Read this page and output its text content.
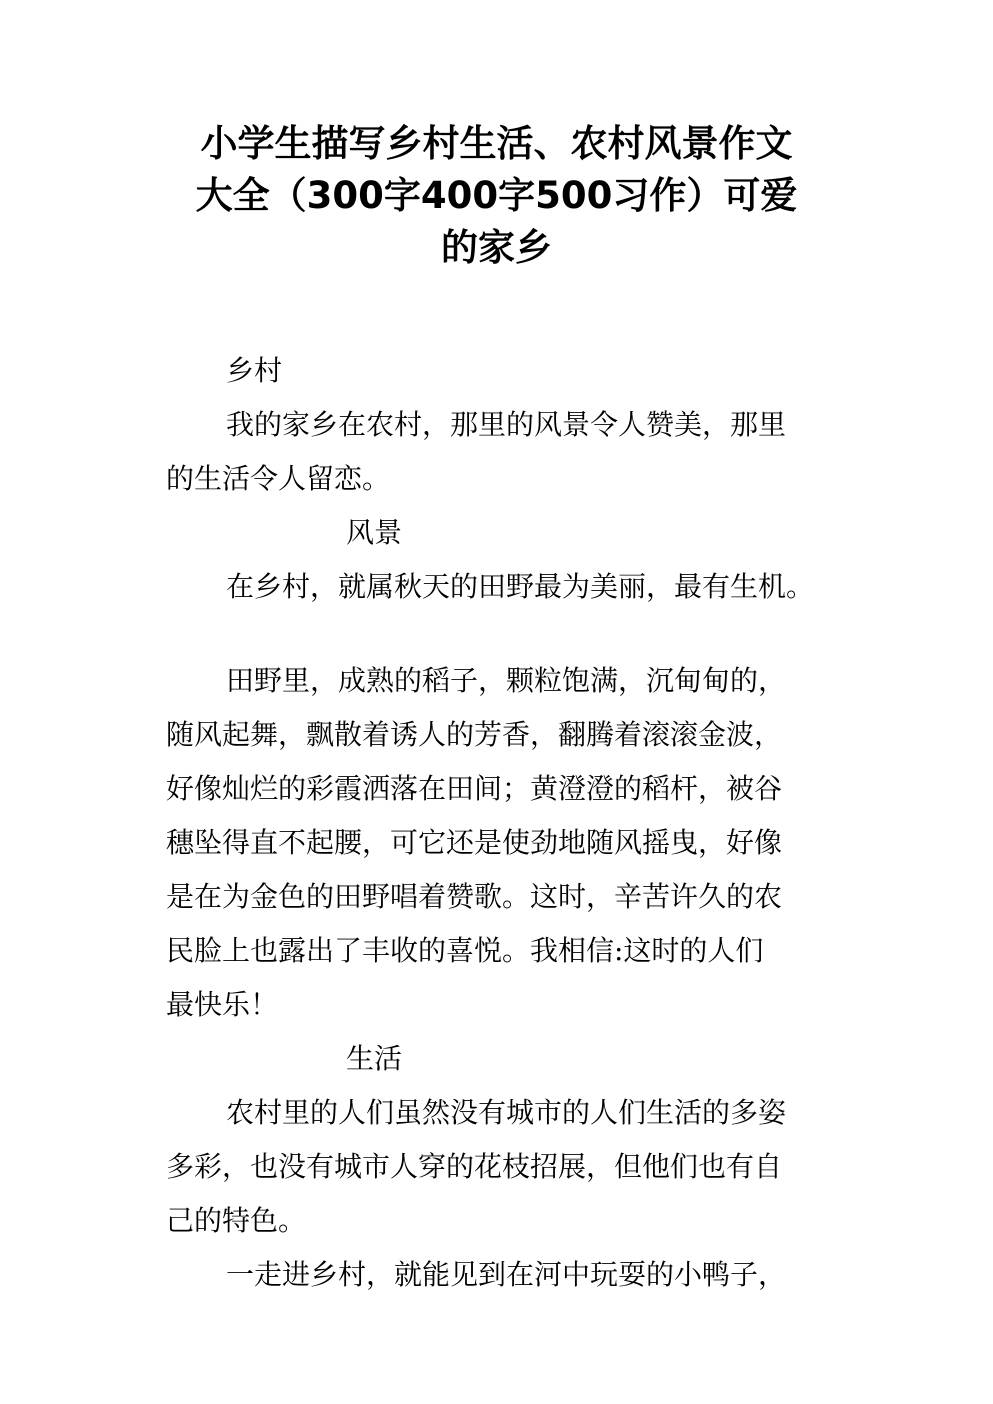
小学生描写乡村生活、农村风景作文
大全（300字400字500习作）可爱
的家乡
乡村
我的家乡在农村，那里的风景令人赞美，那里
的生活令人留恋。
风景
在乡村，就属秋天的田野最为美丽，最有生机。
田野里，成熟的稻子，颗粒饱满，沉甸甸的，
随风起舞，飘散着诱人的芳香，翻腾着滚滚金波，
好像灿烂的彩霞洒落在田间；黄澄澄的稻杆，被谷
穗坠得直不起腰，可它还是使劲地随风摇曳，好像
是在为金色的田野唱着赞歌。这时，辛苦许久的农
民脸上也露出了丰收的喜悦。我相信:这时的人们
最快乐！
生活
农村里的人们虽然没有城市的人们生活的多姿
多彩，也没有城市人穿的花枝招展，但他们也有自
己的特色。
一走进乡村，就能见到在河中玩耍的小鸭子，
